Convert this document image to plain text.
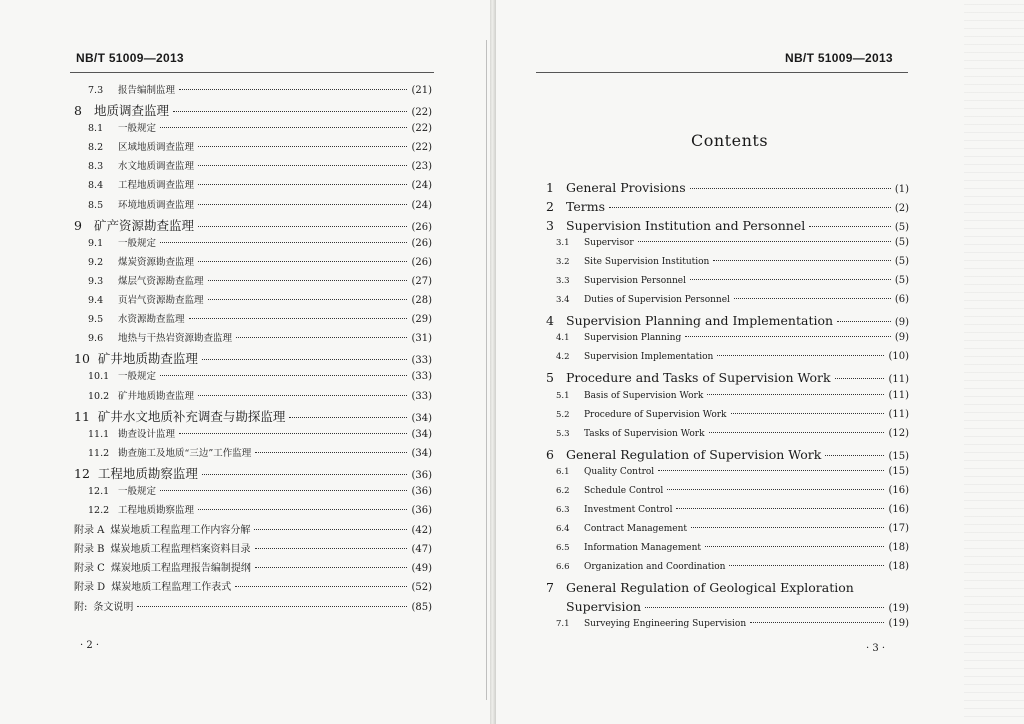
NB/T 51009—2013
7.3	报告编制监理	(21)
8 地质调查监理	(22)
8.1	一般规定	(22)
8.2	区域地质调查监理	(22)
8.3	水文地质调查监理	(23)
8.4	工程地质调查监理	(24)
8.5	环境地质调查监理	(24)
9 矿产资源勘查监理	(26)
9.1	一般规定	(26)
9.2	煤炭资源勘查监理	(26)
9.3	煤层气资源勘查监理	(27)
9.4	页岩气资源勘查监理	(28)
9.5	水资源勘查监理	(29)
9.6	地热与干热岩资源勘查监理	(31)
10 矿井地质勘查监理	(33)
10.1 一般规定	(33)
10.2 矿井地质勘查监理	(33)
11 矿井水文地质补充调查与勘探监理	(34)
11.1 勘查设计监理	(34)
11.2 勘查施工及地质“三边”工作监理	(34)
12 工程地质勘察监理	(36)
12.1 一般规定	(36)
12.2 工程地质勘察监理	(36)
附录 A 煤炭地质工程监理工作内容分解	(42)
附录 B 煤炭地质工程监理档案资料目录	(47)
附录 C 煤炭地质工程监理报告编制提纲	(49)
附录 D 煤炭地质工程监理工作表式	(52)
附: 条文说明	(85)
· 2 ·
NB/T 51009—2013
Contents
1 General Provisions	(1)
2 Terms	(2)
3 Supervision Institution and Personnel	(5)
3.1	Supervisor	(5)
3.2	Site Supervision Institution	(5)
3.3	Supervision Personnel	(5)
3.4	Duties of Supervision Personnel	(6)
4 Supervision Planning and Implementation	(9)
4.1	Supervision Planning	(9)
4.2	Supervision Implementation	(10)
5 Procedure and Tasks of Supervision Work	(11)
5.1	Basis of Supervision Work	(11)
5.2	Procedure of Supervision Work	(11)
5.3	Tasks of Supervision Work	(12)
6 General Regulation of Supervision Work	(15)
6.1	Quality Control	(15)
6.2	Schedule Control	(16)
6.3	Investment Control	(16)
6.4	Contract Management	(17)
6.5	Information Management	(18)
6.6	Organization and Coordination	(18)
7 General Regulation of Geological Exploration
Supervision	(19)
7.1	Surveying Engineering Supervision	(19)
· 3 ·
